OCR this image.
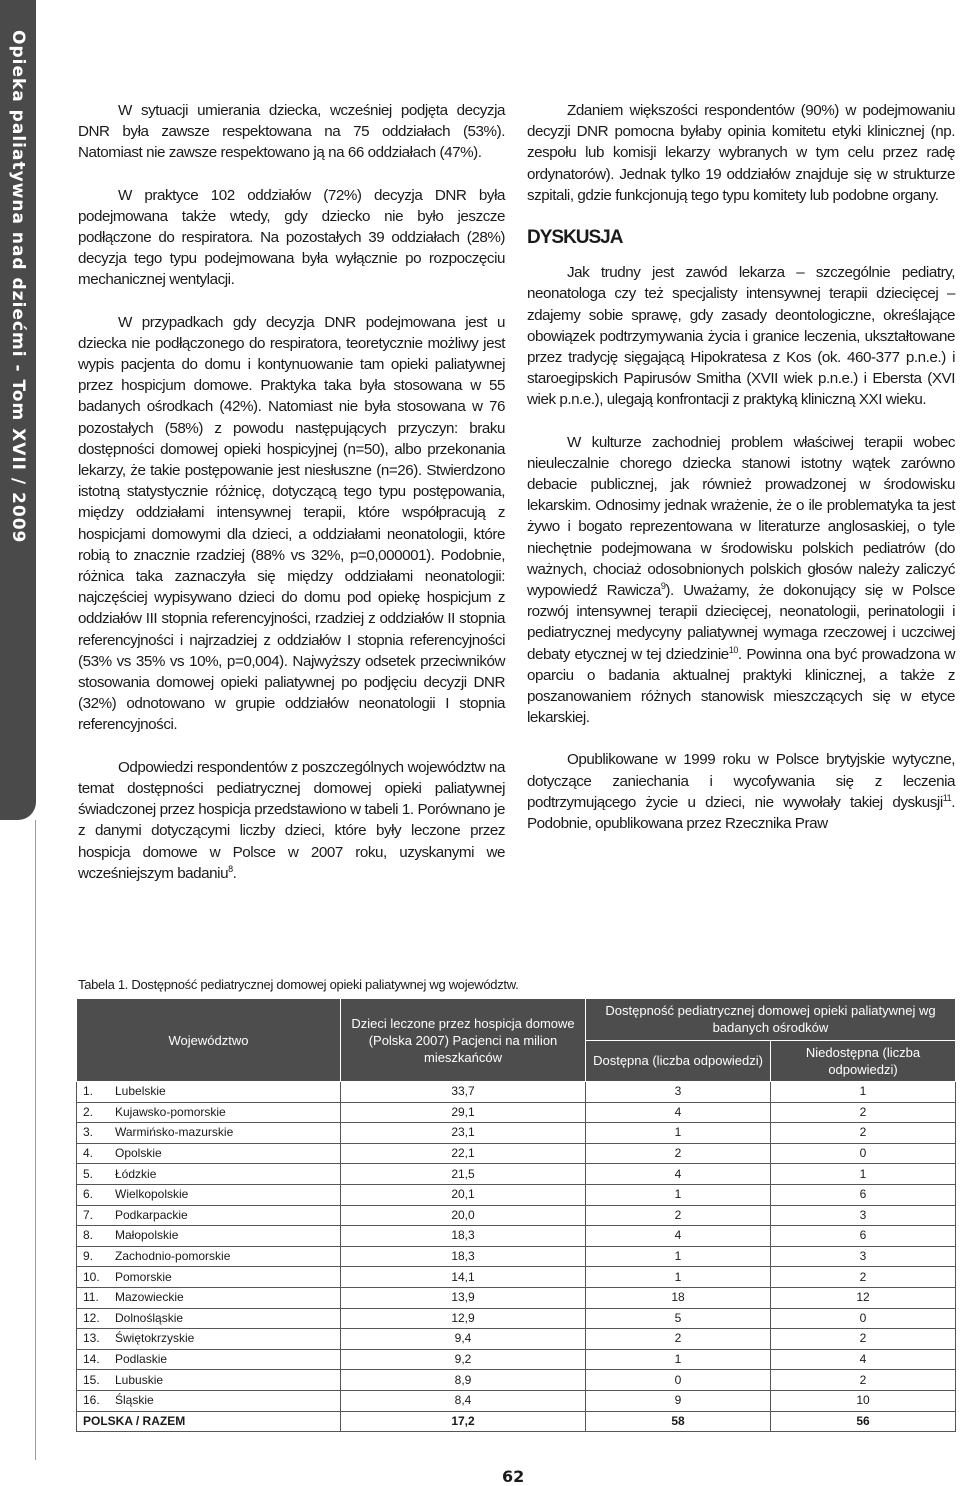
Opieka paliatywna nad dziećmi - Tom XVII / 2009	W sytuacji umierania dziecka, wcześniej podjęta decyzja DNR była zawsze respektowana na 75 oddziałach (53%). Natomiast nie zawsze respektowano ją na 66 oddziałach (47%).

W praktyce 102 oddziałów (72%) decyzja DNR była podejmowana także wtedy, gdy dziecko nie było jeszcze podłączone do respiratora. Na pozostałych 39 oddziałach (28%) decyzja tego typu podejmowana była wyłącznie po rozpoczęciu mechanicznej wentylacji.

W przypadkach gdy decyzja DNR podejmowana jest u dziecka nie podłączonego do respiratora, teoretycznie możliwy jest wypis pacjenta do domu i kontynuowanie tam opieki paliatywnej przez hospicjum domowe. Praktyka taka była stosowana w 55 badanych ośrodkach (42%). Natomiast nie była stosowana w 76 pozostałych (58%) z powodu następujących przyczyn: braku dostępności domowej opieki hospicyjnej (n=50), albo przekonania lekarzy, że takie postępowanie jest niesłuszne (n=26). Stwierdzono istotną statystycznie różnicę, dotyczącą tego typu postępowania, między oddziałami intensywnej terapii, które współpracują z hospicjami domowymi dla dzieci, a oddziałami neonatologii, które robią to znacznie rzadziej (88% vs 32%, p=0,000001). Podobnie, różnica taka zaznaczyła się między oddziałami neonatologii: najczęściej wypisywano dzieci do domu pod opiekę hospicjum z oddziałów III stopnia referencyjności, rzadziej z oddziałów II stopnia referencyjności i najrzadziej z oddziałów I stopnia referencyjności (53% vs 35% vs 10%, p=0,004). Najwyższy odsetek przeciwników stosowania domowej opieki paliatywnej po podjęciu decyzji DNR (32%) odnotowano w grupie oddziałów neonatologii I stopnia referencyjności.

Odpowiedzi respondentów z poszczególnych województw na temat dostępności pediatrycznej domowej opieki paliatywnej świadczonej przez hospicja przedstawiono w tabeli 1. Porównano je z danymi dotyczącymi liczby dzieci, które były leczone przez hospicja domowe w Polsce w 2007 roku, uzyskanymi we wcześniejszym badaniu$^8$.

Zdaniem większości respondentów (90%) w podejmowaniu decyzji DNR pomocna byłaby opinia komitetu etyki klinicznej (np. zespołu lub komisji lekarzy wybranych w tym celu przez radę ordynatorów). Jednak tylko 19 oddziałów znajduje się w strukturze szpitali, gdzie funkcjonują tego typu komitety lub podobne organy.

DYSKUSJA

Jak trudny jest zawód lekarza – szczególnie pediatry, neonatologa czy też specjalisty intensywnej terapii dziecięcej – zdajemy sobie sprawę, gdy zasady deontologiczne, określające obowiązek podtrzymywania życia i granice leczenia, ukształtowane przez tradycję sięgającą Hipokratesa z Kos (ok. 460-377 p.n.e.) i staroegipskich Papirusów Smitha (XVII wiek p.n.e.) i Ebersta (XVI wiek p.n.e.), ulegają konfrontacji z praktyką kliniczną XXI wieku.

W kulturze zachodniej problem właściwej terapii wobec nieuleczalnie chorego dziecka stanowi istotny wątek zarówno debacie publicznej, jak również prowadzonej w środowisku lekarskim. Odnosimy jednak wrażenie, że o ile problematyka ta jest żywo i bogato reprezentowana w literaturze anglosaskiej, o tyle niechętnie podejmowana w środowisku polskich pediatrów (do ważnych, chociaż odosobnionych polskich głosów należy zaliczyć wypowiedź Rawicza$^9$). Uważamy, że dokonujący się w Polsce rozwój intensywnej terapii dziecięcej, neonatologii, perinatologii i pediatrycznej medycyny paliatywnej wymaga rzeczowej i uczciwej debaty etycznej w tej dziedzinie$^{10}$. Powinna ona być prowadzona w oparciu o badania aktualnej praktyki klinicznej, a także z poszanowaniem różnych stanowisk mieszczących się w etyce lekarskiej.

Opublikowane w 1999 roku w Polsce brytyjskie wytyczne, dotyczące zaniechania i wycofywania się z leczenia podtrzymującego życie u dzieci, nie wywołały takiej dyskusji$^{11}$. Podobnie, opublikowana przez Rzecznika Praw

Tabela 1. Dostępność pediatrycznej domowej opieki paliatywnej wg województw.
Województwo		Dzieci leczone przez hospicja domowe (Polska 2007) Pacjenci na milion mieszkańców	Dostępność pediatrycznej domowej opieki paliatywnej wg badanych ośrodków	
			Dostępna (liczba odpowiedzi)	Niedostępna (liczba odpowiedzi)
1.	Lubelskie	33,7	3	1
2.	Kujawsko-pomorskie	29,1	4	2
3.	Warmińsko-mazurskie	23,1	1	2
4.	Opolskie	22,1	2	0
5.	Łódzkie	21,5	4	1
6.	Wielkopolskie	20,1	1	6
7.	Podkarpackie	20,0	2	3
8.	Małopolskie	18,3	4	6
9.	Zachodnio-pomorskie	18,3	1	3
10.	Pomorskie	14,1	1	2
11.	Mazowieckie	13,9	18	12
12.	Dolnośląskie	12,9	5	0
13.	Świętokrzyskie	9,4	2	2
14.	Podlaskie	9,2	1	4
15.	Lubuskie	8,9	0	2
16.	Śląskie	8,4	9	10
POLSKA / RAZEM		17,2	58	56
62
